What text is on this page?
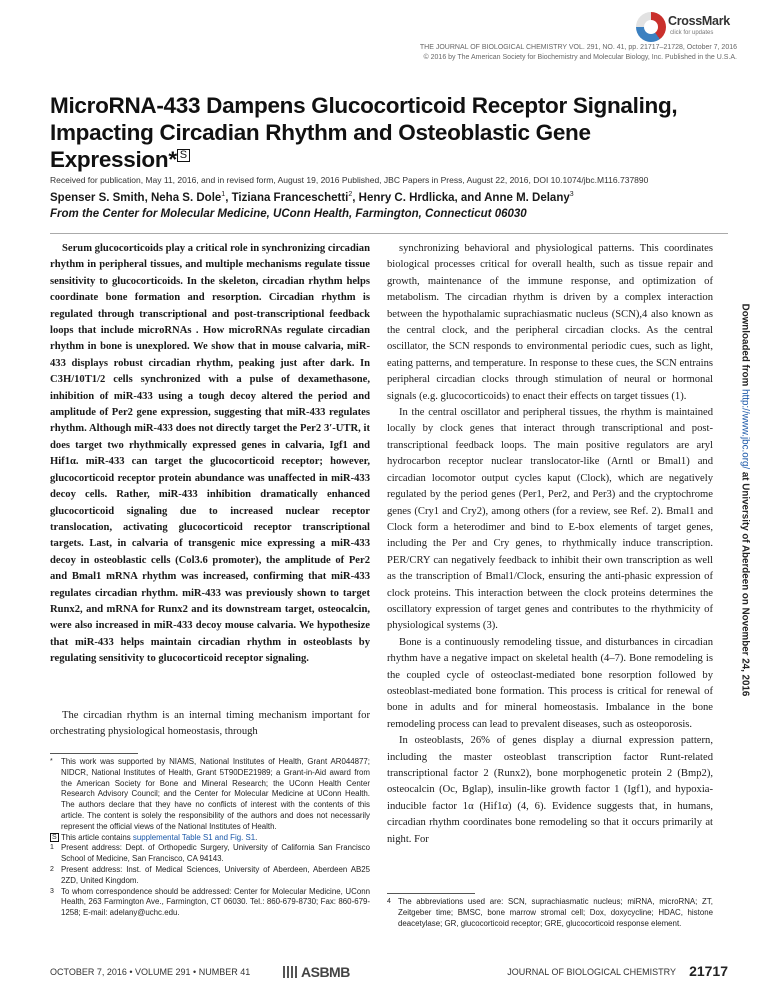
CrossMark
click for updates
THE JOURNAL OF BIOLOGICAL CHEMISTRY VOL. 291, NO. 41, pp. 21717–21728, October 7, 2016
© 2016 by The American Society for Biochemistry and Molecular Biology, Inc. Published in the U.S.A.
MicroRNA-433 Dampens Glucocorticoid Receptor Signaling, Impacting Circadian Rhythm and Osteoblastic Gene Expression* S
Received for publication, May 11, 2016, and in revised form, August 19, 2016 Published, JBC Papers in Press, August 22, 2016, DOI 10.1074/jbc.M116.737890
Spenser S. Smith, Neha S. Dole$^1$, Tiziana Franceschetti$^2$, Henry C. Hrdlicka, and Anne M. Delany$^3$
From the Center for Molecular Medicine, UConn Health, Farmington, Connecticut 06030
Serum glucocorticoids play a critical role in synchronizing circadian rhythm in peripheral tissues, and multiple mechanisms regulate tissue sensitivity to glucocorticoids. In the skeleton, circadian rhythm helps coordinate bone formation and resorption. Circadian rhythm is regulated through transcriptional and post-transcriptional feedback loops that include microRNAs . How microRNAs regulate circadian rhythm in bone is unexplored. We show that in mouse calvaria, miR-433 displays robust circadian rhythm, peaking just after dark. In C3H/10T1/2 cells synchronized with a pulse of dexamethasone, inhibition of miR-433 using a tough decoy altered the period and amplitude of Per2 gene expression, suggesting that miR-433 regulates rhythm. Although miR-433 does not directly target the Per2 3′-UTR, it does target two rhythmically expressed genes in calvaria, Igf1 and Hif1α. miR-433 can target the glucocorticoid receptor; however, glucocorticoid receptor protein abundance was unaffected in miR-433 decoy cells. Rather, miR-433 inhibition dramatically enhanced glucocorticoid signaling due to increased nuclear receptor translocation, activating glucocorticoid receptor transcriptional targets. Last, in calvaria of transgenic mice expressing a miR-433 decoy in osteoblastic cells (Col3.6 promoter), the amplitude of Per2 and Bmal1 mRNA rhythm was increased, confirming that miR-433 regulates circadian rhythm. miR-433 was previously shown to target Runx2, and mRNA for Runx2 and its downstream target, osteocalcin, were also increased in miR-433 decoy mouse calvaria. We hypothesize that miR-433 helps maintain circadian rhythm in osteoblasts by regulating sensitivity to glucocorticoid receptor signaling.

The circadian rhythm is an internal timing mechanism important for orchestrating physiological homeostasis, through

* This work was supported by NIAMS, National Institutes of Health, Grant AR044877; NIDCR, National Institutes of Health, Grant 5T90DE21989; a Grant-in-Aid award from the American Society for Bone and Mineral Research; the UConn Health Center Research Advisory Council; and the Center for Molecular Medicine at UConn Health. The authors declare that they have no conflicts of interest with the contents of this article. The content is solely the responsibility of the authors and does not necessarily represent the official views of the National Institutes of Health.

S This article contains supplemental Table S1 and Fig. S1.

1 Present address: Dept. of Orthopedic Surgery, University of California San Francisco School of Medicine, San Francisco, CA 94143.

2 Present address: Inst. of Medical Sciences, University of Aberdeen, Aberdeen AB25 2ZD, United Kingdom.

3 To whom correspondence should be addressed: Center for Molecular Medicine, UConn Health, 263 Farmington Ave., Farmington, CT 06030. Tel.: 860-679-8730; Fax: 860-679-1258; E-mail: adelany@uchc.edu.

synchronizing behavioral and physiological patterns. This coordinates biological processes critical for overall health, such as tissue repair and growth, maintenance of the immune response, and optimization of metabolism. The circadian rhythm is driven by a complex interaction between the hypothalamic suprachiasmatic nucleus (SCN),4 also known as the central clock, and the peripheral circadian clocks. As the central oscillator, the SCN responds to environmental periodic cues, such as light, eating patterns, and temperature. In response to these cues, the SCN entrains peripheral circadian clocks through stimulation of neural or hormonal signals (e.g. glucocorticoids) to enact their effects on target tissues (1).

In the central oscillator and peripheral tissues, the rhythm is maintained locally by clock genes that interact through transcriptional and post-transcriptional feedback loops. The main positive regulators are aryl hydrocarbon receptor nuclear translocator-like (Arntl or Bmal1) and circadian locomotor output cycles kaput (Clock), which are negatively regulated by the period genes (Per1, Per2, and Per3) and the cryptochrome genes (Cry1 and Cry2), among others (for a review, see Ref. 2). Bmal1 and Clock form a heterodimer and bind to E-box elements of target genes, including the Per and Cry genes, to rhythmically induce transcription. PER/CRY can negatively feedback to inhibit their own transcription as well as the transcription of Bmal1/Clock, ensuring the anti-phasic expression of clock proteins. This interaction between the clock proteins determines the oscillatory expression of target genes and contributes to the rhythmicity of physiological systems (3).

Bone is a continuously remodeling tissue, and disturbances in circadian rhythm have a negative impact on skeletal health (4–7). Bone remodeling is the coupled cycle of osteoclast-mediated bone resorption followed by osteoblast-mediated bone formation. This process is critical for renewal of bone in adults and for mineral homeostasis. Imbalance in the bone remodeling process can lead to prevalent diseases, such as osteoporosis.

In osteoblasts, 26% of genes display a diurnal expression pattern, including the master osteoblast transcription factor Runt-related transcriptional factor 2 (Runx2), bone morphogenetic protein 2 (Bmp2), osteocalcin (Oc, Bglap), insulin-like growth factor 1 (Igf1), and hypoxia-inducible factor 1α (Hif1α) (4, 6). Evidence suggests that, in humans, circadian rhythm coordinates bone remodeling so that it occurs primarily at night. For

4 The abbreviations used are: SCN, suprachiasmatic nucleus; miRNA, microRNA; ZT, Zeitgeber time; BMSC, bone marrow stromal cell; Dox, doxycycline; HDAC, histone deacetylase; GR, glucocorticoid receptor; GRE, glucocorticoid response element.

Downloaded from http://www.jbc.org/ at University of Aberdeen on November 24, 2016
OCTOBER 7, 2016 • VOLUME 291 • NUMBER 41	ASBMB	JOURNAL OF BIOLOGICAL CHEMISTRY 21717
